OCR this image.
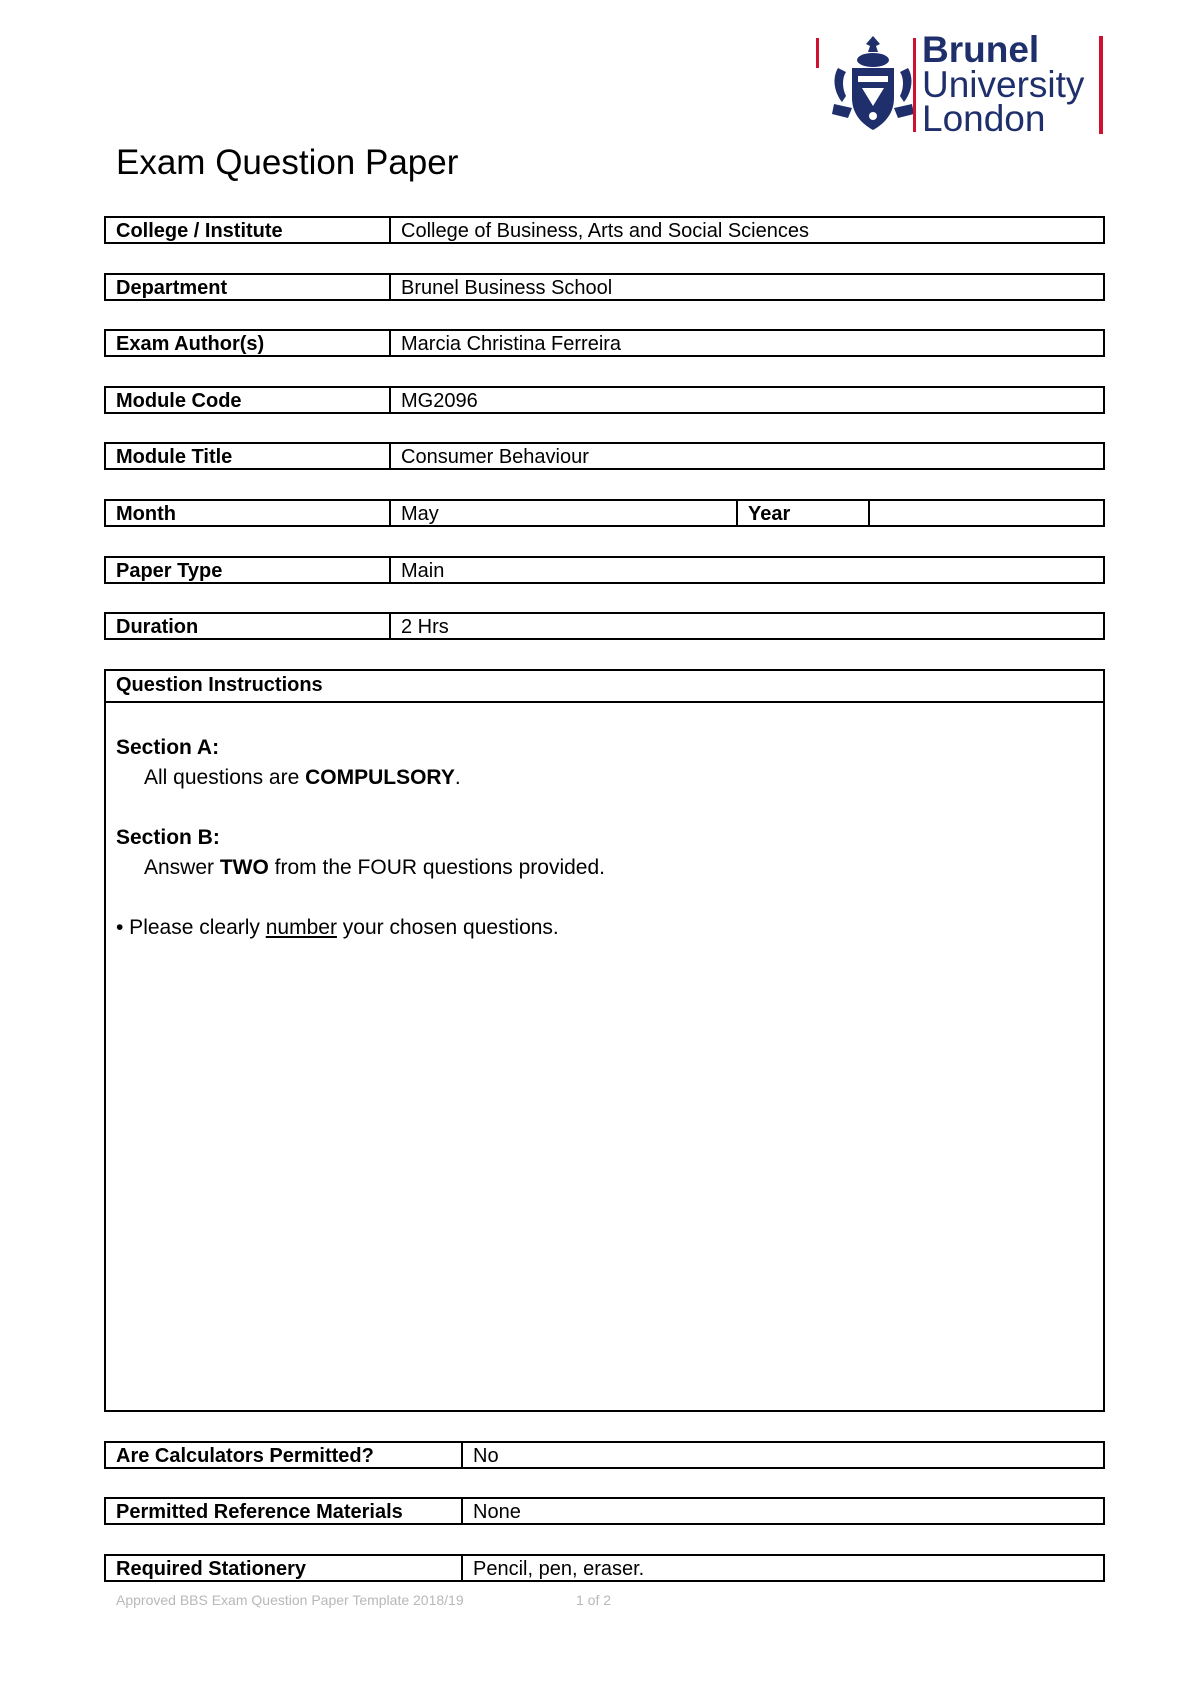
Brunel
University
London
Exam Question Paper
College / Institute	College of Business, Arts and Social Sciences
Department	Brunel Business School
Exam Author(s)	Marcia Christina Ferreira
Module Code	MG2096
Module Title	Consumer Behaviour
Month	May	Year
Paper Type	Main
Duration	2 Hrs
Question Instructions
Section A:
All questions are COMPULSORY.
Section B:
Answer TWO from the FOUR questions provided.
• Please clearly number your chosen questions.
Are Calculators Permitted?	No
Permitted Reference Materials	None
Required Stationery	Pencil, pen, eraser.
Approved BBS Exam Question Paper Template 2018/19	1 of 2
